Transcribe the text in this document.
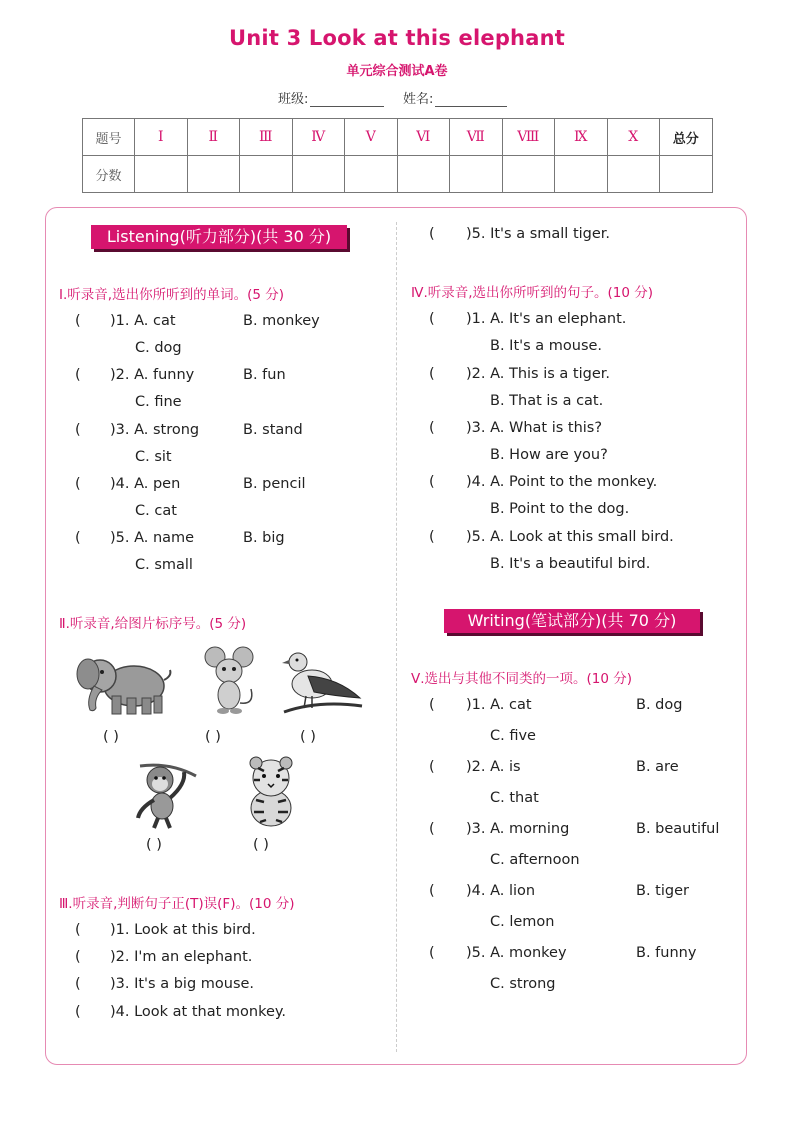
Unit 3 Look at this elephant
单元综合测试A卷
班级:	姓名:
题号	Ⅰ	Ⅱ	Ⅲ	Ⅳ	Ⅴ	Ⅵ	Ⅶ	Ⅷ	Ⅸ	Ⅹ	总分
分数											
Listening(听力部分)(共 30 分)
Ⅰ.听录音,选出你所听到的单词。(5 分)
( )1. A. cat	B. monkey
C. dog
( )2. A. funny	B. fun
C. fine
( )3. A. strong	B. stand
C. sit
( )4. A. pen	B. pencil
C. cat
( )5. A. name	B. big
C. small
Ⅱ.听录音,给图片标序号。(5 分)
( )	( )	( )
( )	( )
Ⅲ.听录音,判断句子正(T)误(F)。(10 分)
( )1. Look at this bird.
( )2. I'm an elephant.
( )3. It's a big mouse.
( )4. Look at that monkey.
( )5. It's a small tiger.
Ⅳ.听录音,选出你所听到的句子。(10 分)
( )1. A. It's an elephant.
B. It's a mouse.
( )2. A. This is a tiger.
B. That is a cat.
( )3. A. What is this?
B. How are you?
( )4. A. Point to the monkey.
B. Point to the dog.
( )5. A. Look at this small bird.
B. It's a beautiful bird.
Writing(笔试部分)(共 70 分)
Ⅴ.选出与其他不同类的一项。(10 分)
( )1. A. cat	B. dog
C. five
( )2. A. is	B. are
C. that
( )3. A. morning	B. beautiful
C. afternoon
( )4. A. lion	B. tiger
C. lemon
( )5. A. monkey	B. funny
C. strong
